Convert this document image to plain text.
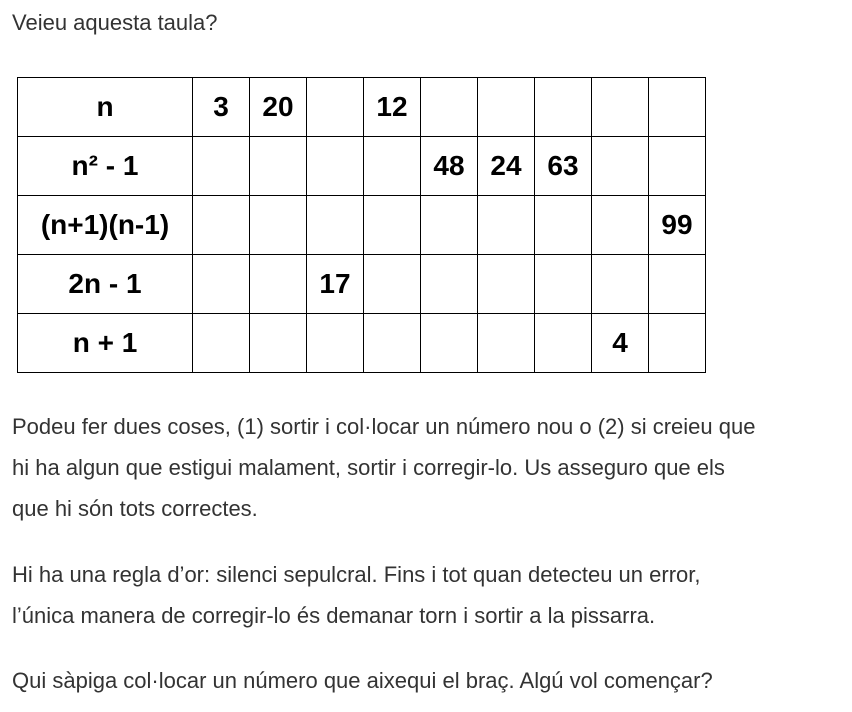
Veieu aquesta taula?
n	3	20		12					
n² - 1					48	24	63		
(n+1)(n-1)									99
2n - 1			17						
n + 1								4	

Podeu fer dues coses, (1) sortir i col·locar un número nou o (2) si creieu que
hi ha algun que estigui malament, sortir i corregir-lo. Us asseguro que els
que hi són tots correctes.

Hi ha una regla d’or: silenci sepulcral. Fins i tot quan detecteu un error,
l’única manera de corregir-lo és demanar torn i sortir a la pissarra.

Qui sàpiga col·locar un número que aixequi el braç. Algú vol començar?
